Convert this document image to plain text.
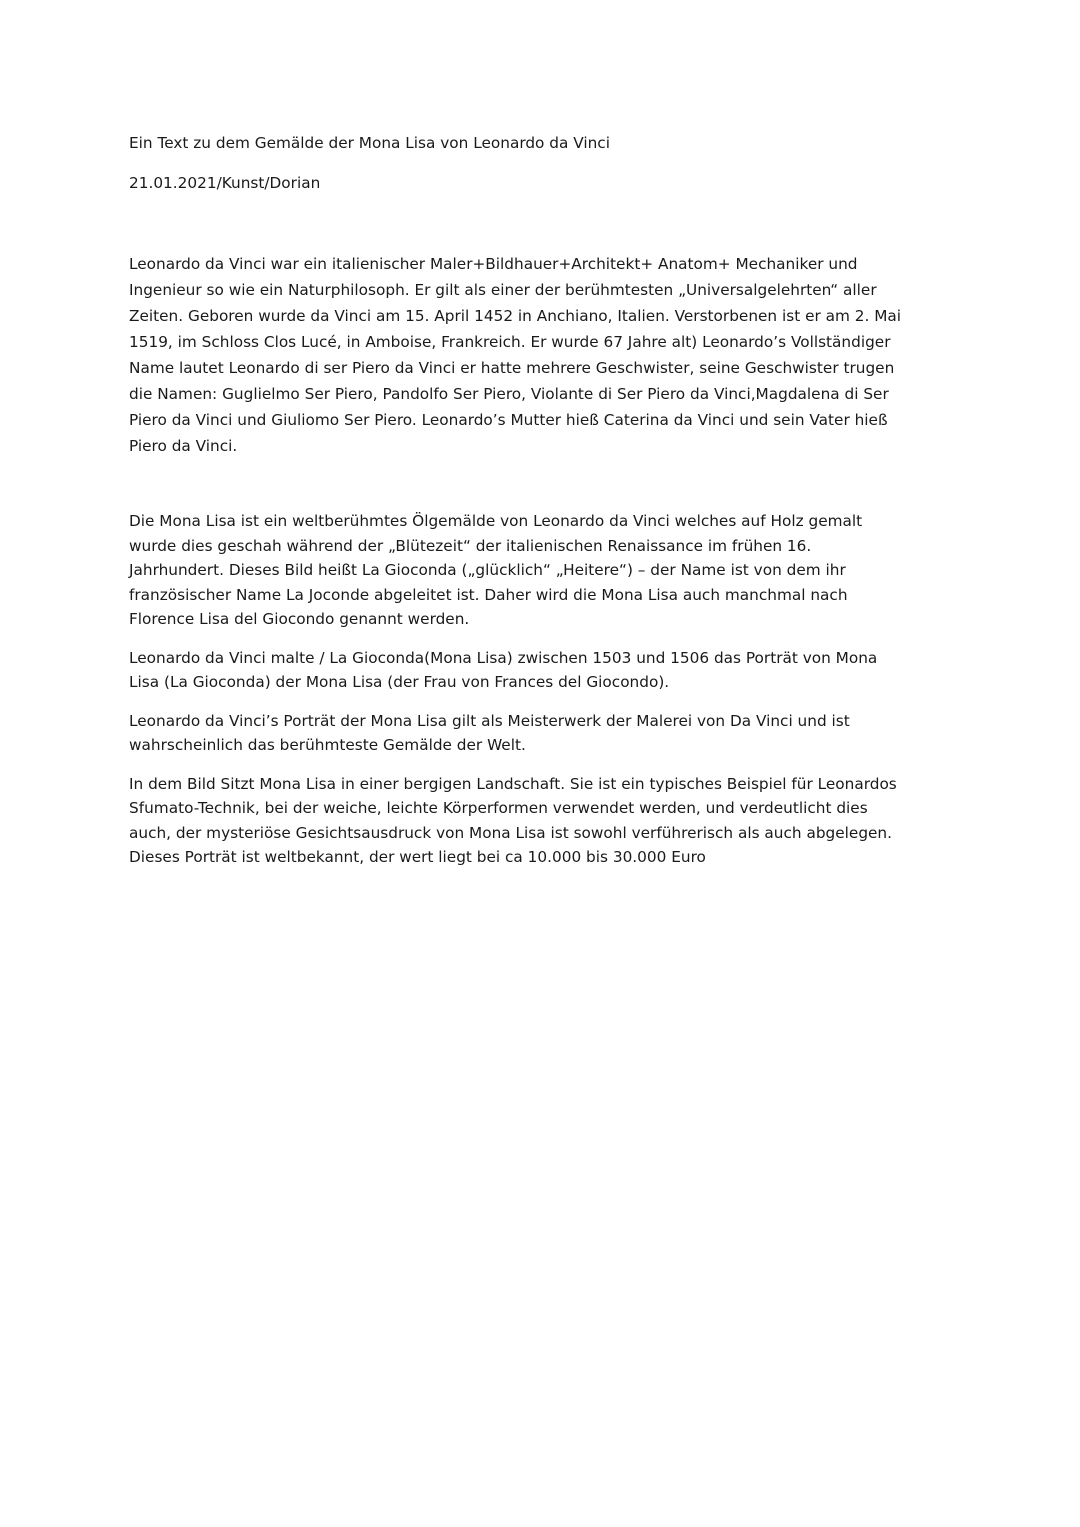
Ein Text zu dem Gemälde der Mona Lisa von Leonardo da Vinci

21.01.2021/Kunst/Dorian

Leonardo da Vinci war ein italienischer Maler+Bildhauer+Architekt+ Anatom+ Mechaniker und
Ingenieur so wie ein Naturphilosoph. Er gilt als einer der berühmtesten „Universalgelehrten“ aller
Zeiten. Geboren wurde da Vinci am 15. April 1452 in Anchiano, Italien. Verstorbenen ist er am 2. Mai
1519, im Schloss Clos Lucé, in Amboise, Frankreich. Er wurde 67 Jahre alt) Leonardo’s Vollständiger
Name lautet Leonardo di ser Piero da Vinci er hatte mehrere Geschwister, seine Geschwister trugen
die Namen: Guglielmo Ser Piero, Pandolfo Ser Piero, Violante di Ser Piero da Vinci,Magdalena di Ser
Piero da Vinci und Giuliomo Ser Piero. Leonardo’s Mutter hieß Caterina da Vinci und sein Vater hieß
Piero da Vinci.

Die Mona Lisa ist ein weltberühmtes Ölgemälde von Leonardo da Vinci welches auf Holz gemalt
wurde dies geschah während der „Blütezeit“ der italienischen Renaissance im frühen 16.
Jahrhundert. Dieses Bild heißt La Gioconda („glücklich“ „Heitere“) – der Name ist von dem ihr
französischer Name La Joconde abgeleitet ist. Daher wird die Mona Lisa auch manchmal nach
Florence Lisa del Giocondo genannt werden.

Leonardo da Vinci malte / La Gioconda(Mona Lisa) zwischen 1503 und 1506 das Porträt von Mona
Lisa (La Gioconda) der Mona Lisa (der Frau von Frances del Giocondo).

Leonardo da Vinci’s Porträt der Mona Lisa gilt als Meisterwerk der Malerei von Da Vinci und ist
wahrscheinlich das berühmteste Gemälde der Welt.

In dem Bild Sitzt Mona Lisa in einer bergigen Landschaft. Sie ist ein typisches Beispiel für Leonardos
Sfumato-Technik, bei der weiche, leichte Körperformen verwendet werden, und verdeutlicht dies
auch, der mysteriöse Gesichtsausdruck von Mona Lisa ist sowohl verführerisch als auch abgelegen.
Dieses Porträt ist weltbekannt, der wert liegt bei ca 10.000 bis 30.000 Euro
